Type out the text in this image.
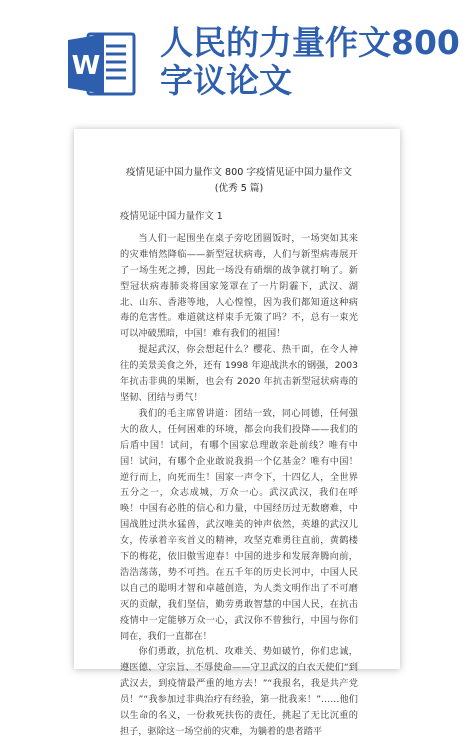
W
人民的力量作文800字议论文
疫情见证中国力量作文 800 字疫情见证中国力量作文(优秀 5 篇)
疫情见证中国力量作文 1

当人们一起围坐在桌子旁吃团圆饭时，一场突如其来的灾难悄然降临——新型冠状病毒，人们与新型病毒展开了一场生死之搏，因此一场没有硝烟的战争就打响了。新型冠状病毒肺炎将国家笼罩在了一片阴霾下，武汉、湖北、山东、香港等地，人心惶惶，因为我们都知道这种病毒的危害性。难道就这样束手无策了吗？不，总有一束光可以冲破黑暗，中国！难有我们的祖国！

提起武汉，你会想起什么？樱花、热干面，在令人神往的美景美食之外，还有 1998 年迎战洪水的钢强，2003 年抗击非典的果断，也会有 2020 年抗击新型冠状病毒的坚韧、团结与勇气！

我们的毛主席曾讲道：团结一致，同心同德，任何强大的敌人，任何困难的环境，都会向我们投降——我们的后盾中国！试问，有哪个国家总理敢亲赴前线？唯有中国！试问，有哪个企业敢说我捐一个亿基金？唯有中国！逆行而上，向死而生！国家一声令下，十四亿人，全世界五分之一，众志成城，万众一心。武汉武汉，我们在呼唤！中国有必胜的信心和力量，中国经历过无数磨难，中国战胜过洪水猛兽，武汉唯美的钟声依然，英雄的武汉儿女，传承着辛亥首义的精神，攻坚克难勇往直前，黄鹤楼下的梅花，依旧傲雪迎春！中国的进步和发展奔腾向前，浩浩荡荡，势不可挡。在五千年的历史长河中，中国人民以自己的聪明才智和卓越创造，为人类文明作出了不可磨灭的贡献，我们坚信，勤劳勇敢智慧的中国人民，在抗击疫情中一定能够万众一心，武汉你不曾独行，中国与你们同在，我们一直都在！

你们勇敢，抗危机、攻难关、势如破竹，你们忠诚，遵医德、守宗旨、不辱使命——守卫武汉的白衣天使们“到武汉去，到疫情最严重的地方去！”“我报名，我是共产党员！”“我参加过非典治疗有经验，第一批我来！”……他们以生命的名义，一份救死扶伤的责任，挑起了无比沉重的担子，驱除这一场空前的灾难，为躺着的患者踏平
